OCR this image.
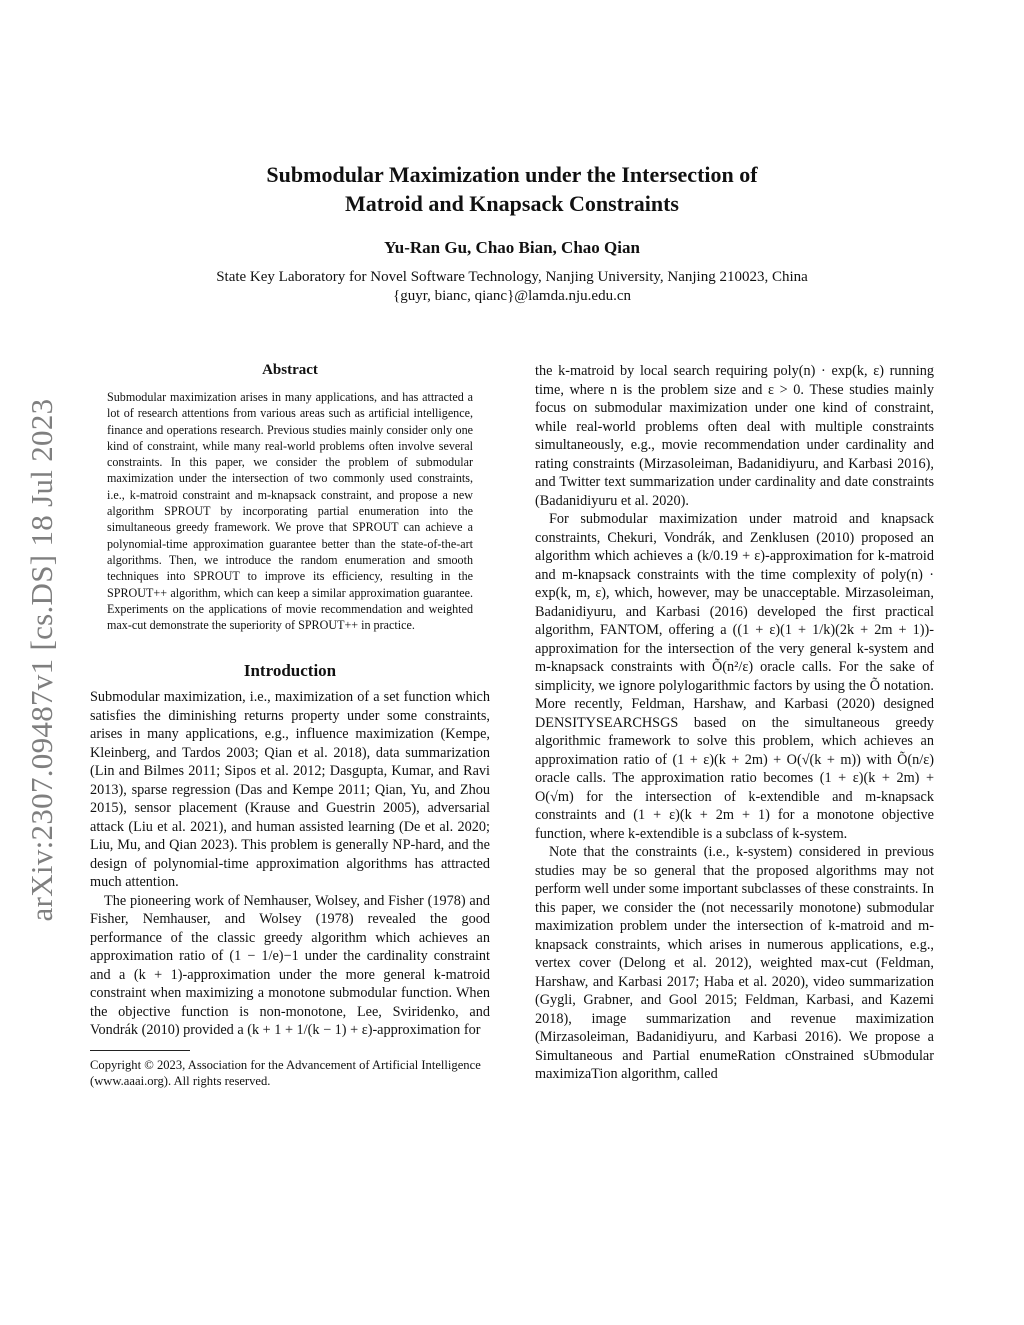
arXiv:2307.09487v1 [cs.DS] 18 Jul 2023
Submodular Maximization under the Intersection of
Matroid and Knapsack Constraints
Yu-Ran Gu, Chao Bian, Chao Qian
State Key Laboratory for Novel Software Technology, Nanjing University, Nanjing 210023, China
{guyr, bianc, qianc}@lamda.nju.edu.cn
Abstract
Submodular maximization arises in many applications, and has attracted a lot of research attentions from various areas such as artificial intelligence, finance and operations research. Previous studies mainly consider only one kind of constraint, while many real-world problems often involve several constraints. In this paper, we consider the problem of submodular maximization under the intersection of two commonly used constraints, i.e., k-matroid constraint and m-knapsack constraint, and propose a new algorithm SPROUT by incorporating partial enumeration into the simultaneous greedy framework. We prove that SPROUT can achieve a polynomial-time approximation guarantee better than the state-of-the-art algorithms. Then, we introduce the random enumeration and smooth techniques into SPROUT to improve its efficiency, resulting in the SPROUT++ algorithm, which can keep a similar approximation guarantee. Experiments on the applications of movie recommendation and weighted max-cut demonstrate the superiority of SPROUT++ in practice.
Introduction

Submodular maximization, i.e., maximization of a set function which satisfies the diminishing returns property under some constraints, arises in many applications, e.g., influence maximization (Kempe, Kleinberg, and Tardos 2003; Qian et al. 2018), data summarization (Lin and Bilmes 2011; Sipos et al. 2012; Dasgupta, Kumar, and Ravi 2013), sparse regression (Das and Kempe 2011; Qian, Yu, and Zhou 2015), sensor placement (Krause and Guestrin 2005), adversarial attack (Liu et al. 2021), and human assisted learning (De et al. 2020; Liu, Mu, and Qian 2023). This problem is generally NP-hard, and the design of polynomial-time approximation algorithms has attracted much attention.

The pioneering work of Nemhauser, Wolsey, and Fisher (1978) and Fisher, Nemhauser, and Wolsey (1978) revealed the good performance of the classic greedy algorithm which achieves an approximation ratio of (1 − 1/e)−1 under the cardinality constraint and a (k + 1)-approximation under the more general k-matroid constraint when maximizing a monotone submodular function. When the objective function is non-monotone, Lee, Sviridenko, and Vondrák (2010) provided a (k + 1 + 1/(k − 1) + ε)-approximation for

Copyright © 2023, Association for the Advancement of Artificial Intelligence (www.aaai.org). All rights reserved.

the k-matroid by local search requiring poly(n) · exp(k, ε) running time, where n is the problem size and ε > 0. These studies mainly focus on submodular maximization under one kind of constraint, while real-world problems often deal with multiple constraints simultaneously, e.g., movie recommendation under cardinality and rating constraints (Mirzasoleiman, Badanidiyuru, and Karbasi 2016), and Twitter text summarization under cardinality and date constraints (Badanidiyuru et al. 2020).

For submodular maximization under matroid and knapsack constraints, Chekuri, Vondrák, and Zenklusen (2010) proposed an algorithm which achieves a (k/0.19 + ε)-approximation for k-matroid and m-knapsack constraints with the time complexity of poly(n) · exp(k, m, ε), which, however, may be unacceptable. Mirzasoleiman, Badanidiyuru, and Karbasi (2016) developed the first practical algorithm, FANTOM, offering a ((1 + ε)(1 + 1/k)(2k + 2m + 1))-approximation for the intersection of the very general k-system and m-knapsack constraints with Õ(n²/ε) oracle calls. For the sake of simplicity, we ignore polylogarithmic factors by using the Õ notation. More recently, Feldman, Harshaw, and Karbasi (2020) designed DENSITYSEARCHSGS based on the simultaneous greedy algorithmic framework to solve this problem, which achieves an approximation ratio of (1 + ε)(k + 2m) + O(√(k + m)) with Õ(n/ε) oracle calls. The approximation ratio becomes (1 + ε)(k + 2m) + O(√m) for the intersection of k-extendible and m-knapsack constraints and (1 + ε)(k + 2m + 1) for a monotone objective function, where k-extendible is a subclass of k-system.

Note that the constraints (i.e., k-system) considered in previous studies may be so general that the proposed algorithms may not perform well under some important subclasses of these constraints. In this paper, we consider the (not necessarily monotone) submodular maximization problem under the intersection of k-matroid and m-knapsack constraints, which arises in numerous applications, e.g., vertex cover (Delong et al. 2012), weighted max-cut (Feldman, Harshaw, and Karbasi 2017; Haba et al. 2020), video summarization (Gygli, Grabner, and Gool 2015; Feldman, Karbasi, and Kazemi 2018), image summarization and revenue maximization (Mirzasoleiman, Badanidiyuru, and Karbasi 2016). We propose a Simultaneous and Partial enumeRation cOnstrained sUbmodular maximizaTion algorithm, called
